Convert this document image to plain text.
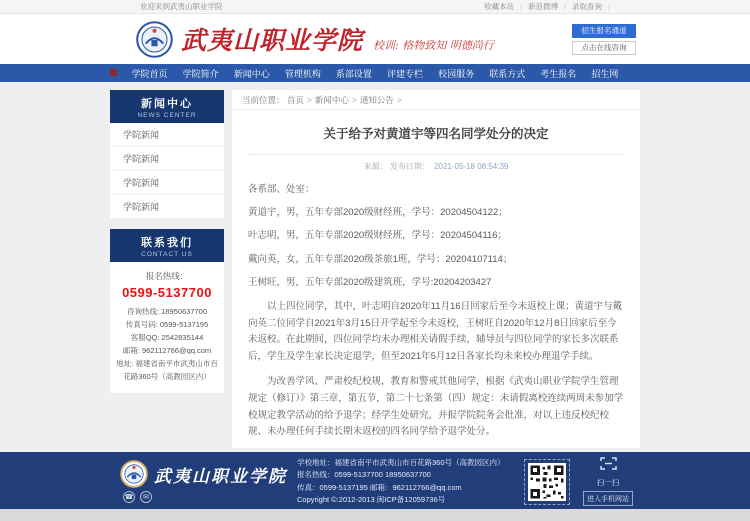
欢迎来到武夷山职业学院	收藏本站 | 新浪微博 | 录取查询 |
武夷山职业学院 校训: 格物致知 明德尚行
招生报名通道
点击在线咨询
学院首页 学院简介 新闻中心 管理机构 系部设置 评建专栏 校园服务 联系方式 考生报名 招生网
新闻中心
NEWS CENTER
学院新闻
学院新闻
学院新闻
学院新闻
联系我们
CONTACT US
报名热线：
0599-5137700
咨询热线: 18950637700
传真号码: 0599-5137195
客服QQ: 2542835144
邮箱: 962112766@qq.com
地址: 福建省南平市武夷山市百花路360号（高教园区内）
当前位置： 首页 > 新闻中心 > 通知公告 >
关于给予对黄道宇等四名同学处分的决定
来源： 发布日期： 2021-05-18 08:54:39

各系部、处室：

黄道宇，男，五年专部2020级财经班，学号：20204504122；

叶志明，男，五年专部2020级财经班，学号：20204504116；

戴向英，女，五年专部2020级茶旅1班，学号：20204107114；

王树旺，男，五年专部2020级建筑班，学号:20204203427

以上四位同学，其中，叶志明自2020年11月16日回家后至今未返校上课；黄道宇与戴向英二位同学自2021年3月15日开学起至今未返校，王树旺自2020年12月8日回家后至今未返校。在此期间，四位同学均未办理相关请假手续，辅导员与四位同学的家长多次联系后，学生及学生家长决定退学，但至2021年5月12日各家长均未来校办理退学手续。

为改善学风、严肃校纪校规，教育和警戒其他同学，根据《武夷山职业学院学生管理规定（修订）》第三章，第五节，第二十七条第（四）规定：未请假离校连续两周未参加学校规定教学活动的给予退学；经学生处研究，并报学院院务会批准，对以上违反校纪校规、未办理任何手续长期未返校的四名同学给予退学处分。

武夷山职业学院
☎	✉
学校地址：福建省南平市武夷山市百花路360号（高教园区内）
报名热线：0599-5137700 18950637700
传真：0599-5137195 邮箱：962112766@qq.com
Copyright ©:2012-2013 闽ICP备12059736号
扫一扫
进入手机网站
